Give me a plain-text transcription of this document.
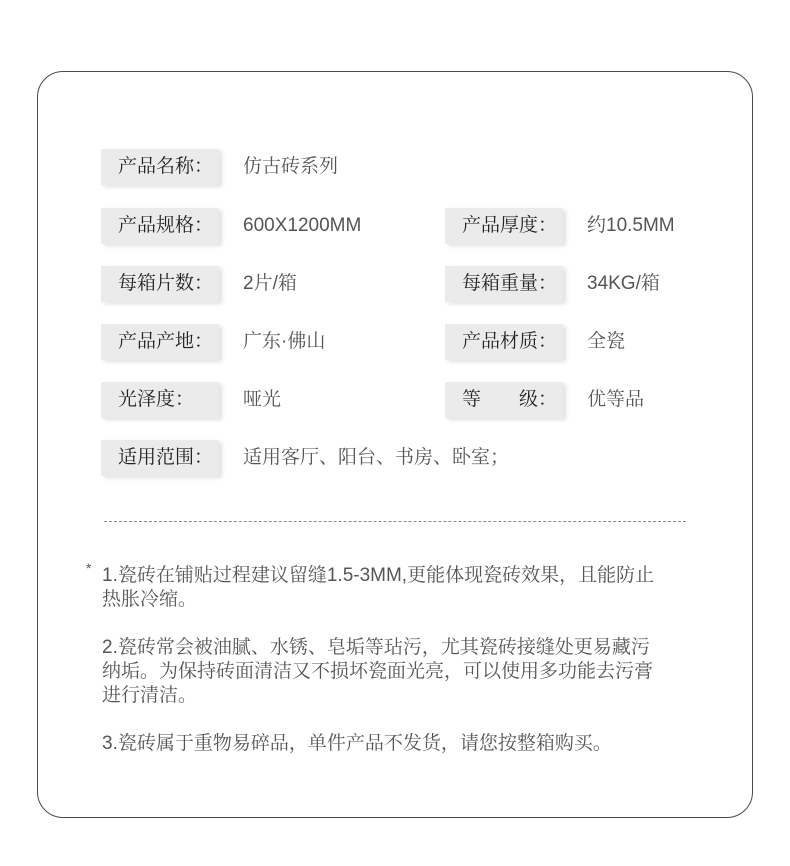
产品名称：	仿古砖系列
产品规格：	600X1200MM	产品厚度：	约10.5MM
每箱片数：	2片/箱	每箱重量：	34KG/箱
产品产地：	广东·佛山	产品材质：	全瓷
光泽度：	哑光	等　　级：	优等品
适用范围：	适用客厅、阳台、书房、卧室；
* 1.瓷砖在铺贴过程建议留缝1.5-3MM,更能体现瓷砖效果，且能防止
热胀冷缩。

2.瓷砖常会被油腻、水锈、皂垢等玷污，尤其瓷砖接缝处更易藏污
纳垢。为保持砖面清洁又不损坏瓷面光亮，可以使用多功能去污膏
进行清洁。

3.瓷砖属于重物易碎品，单件产品不发货，请您按整箱购买。
